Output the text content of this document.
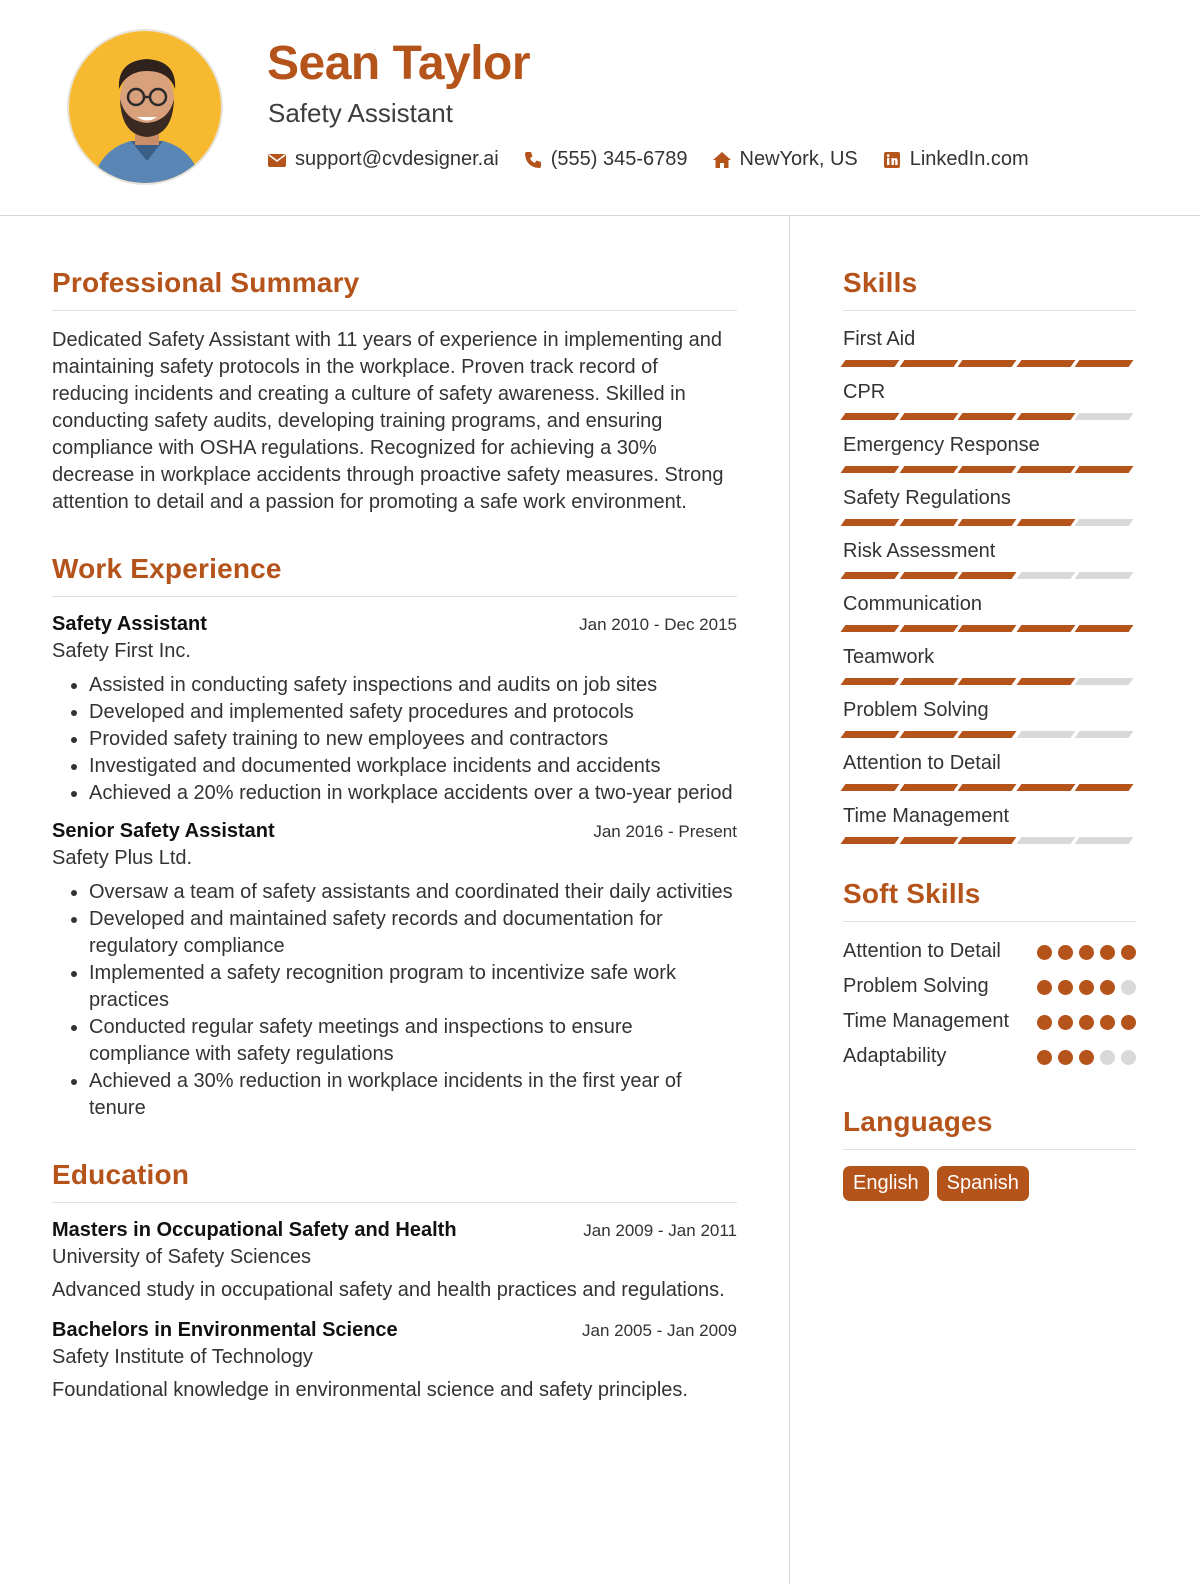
Sean Taylor
Safety Assistant
support@cvdesigner.ai	(555) 345-6789	NewYork, US	LinkedIn.com
Professional Summary
Dedicated Safety Assistant with 11 years of experience in implementing and maintaining safety protocols in the workplace. Proven track record of reducing incidents and creating a culture of safety awareness. Skilled in conducting safety audits, developing training programs, and ensuring compliance with OSHA regulations. Recognized for achieving a 30% decrease in workplace accidents through proactive safety measures. Strong attention to detail and a passion for promoting a safe work environment.
Work Experience
Safety Assistant	Jan 2010 - Dec 2015
Safety First Inc.
• Assisted in conducting safety inspections and audits on job sites
• Developed and implemented safety procedures and protocols
• Provided safety training to new employees and contractors
• Investigated and documented workplace incidents and accidents
• Achieved a 20% reduction in workplace accidents over a two-year period
Senior Safety Assistant	Jan 2016 - Present
Safety Plus Ltd.
• Oversaw a team of safety assistants and coordinated their daily activities
• Developed and maintained safety records and documentation for regulatory compliance
• Implemented a safety recognition program to incentivize safe work practices
• Conducted regular safety meetings and inspections to ensure compliance with safety regulations
• Achieved a 30% reduction in workplace incidents in the first year of tenure
Education
Masters in Occupational Safety and Health	Jan 2009 - Jan 2011
University of Safety Sciences
Advanced study in occupational safety and health practices and regulations.
Bachelors in Environmental Science	Jan 2005 - Jan 2009
Safety Institute of Technology
Foundational knowledge in environmental science and safety principles.
Skills
First Aid
CPR
Emergency Response
Safety Regulations
Risk Assessment
Communication
Teamwork
Problem Solving
Attention to Detail
Time Management
Soft Skills
Attention to Detail
Problem Solving
Time Management
Adaptability
Languages
English	Spanish
